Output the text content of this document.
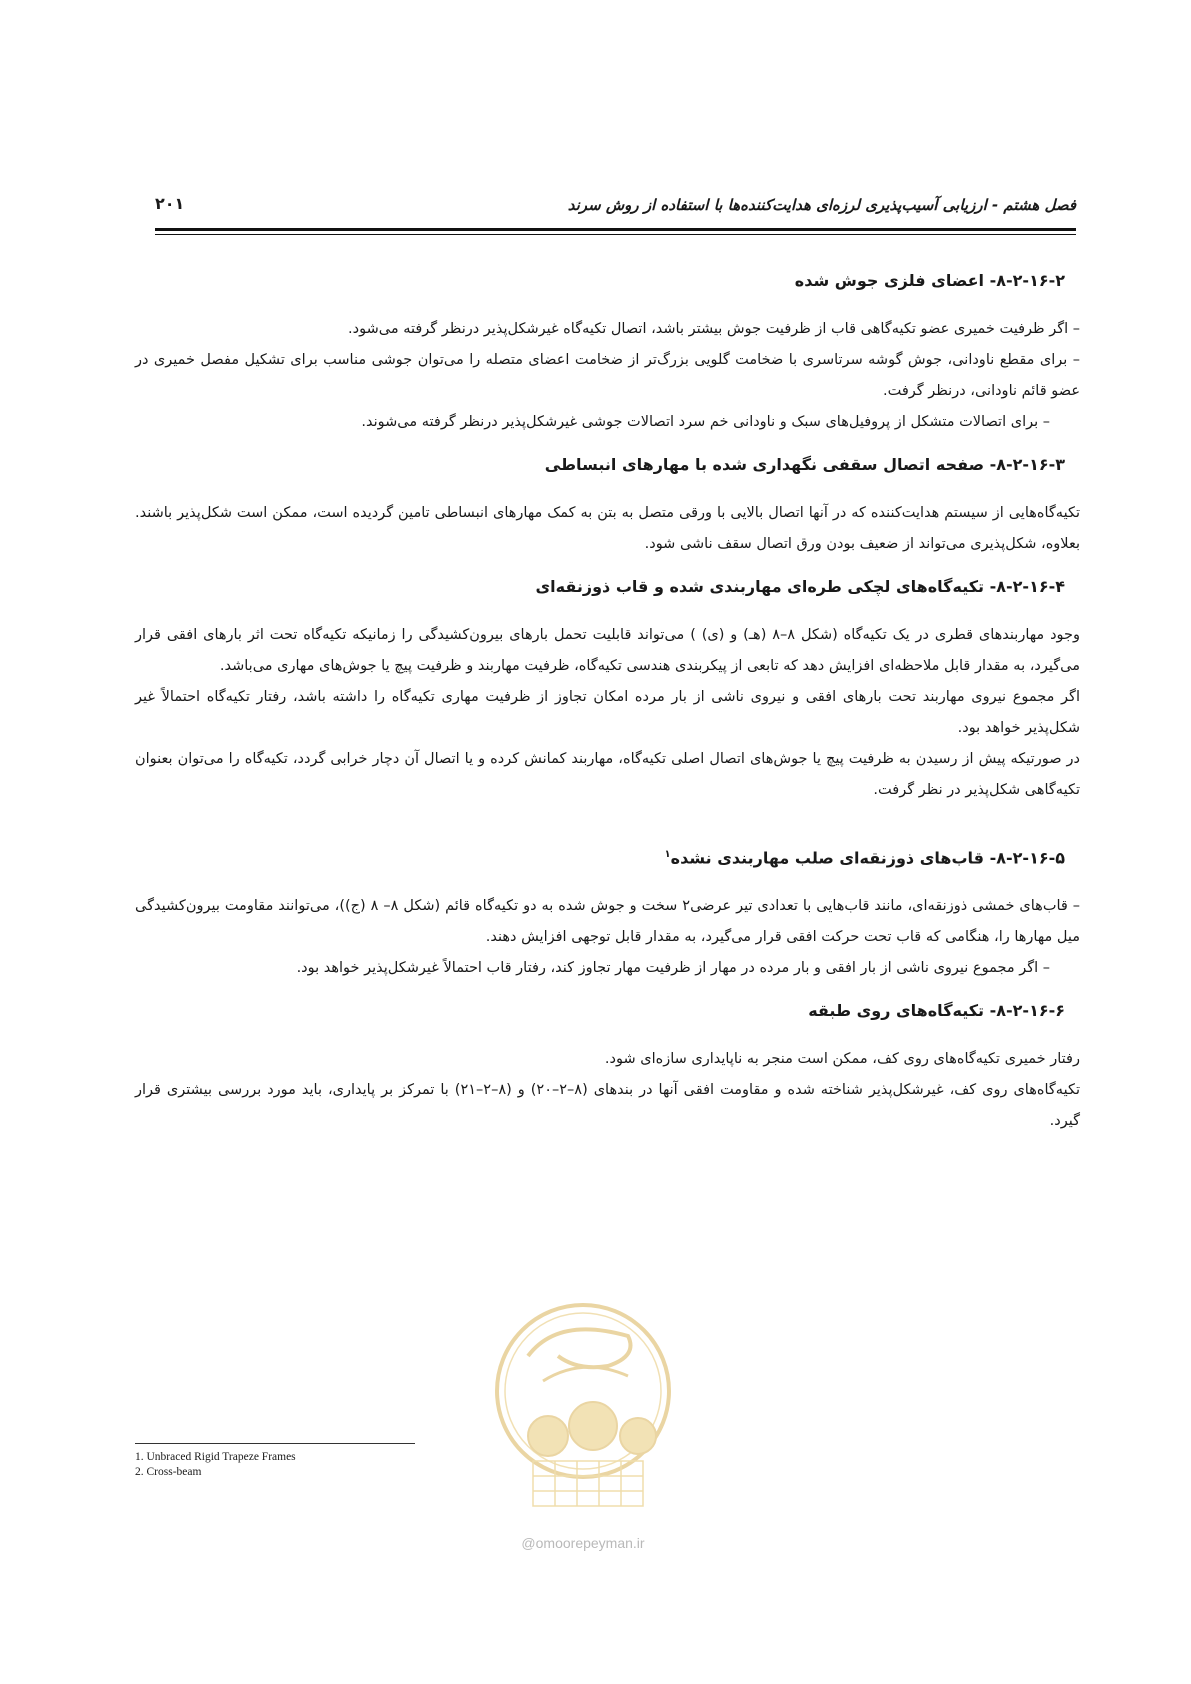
فصل هشتم - ارزیابی آسیب‌پذیری لرزه‌ای هدایت‌کننده‌ها با استفاده از روش سرند
۲۰۱
۸-۲-۱۶-۲- اعضای فلزی جوش شده

– اگر ظرفیت خمیری عضو تکیه‌گاهی قاب از ظرفیت جوش بیشتر باشد، اتصال تکیه‌گاه غیرشکل‌پذیر درنظر گرفته می‌شود.

– برای مقطع ناودانی، جوش گوشه سرتاسری با ضخامت گلویی بزرگ‌تر از ضخامت اعضای متصله را می‌توان جوشی مناسب برای تشکیل مفصل خمیری در عضو قائم ناودانی، درنظر گرفت.

– برای اتصالات متشکل از پروفیل‌های سبک و ناودانی خم سرد اتصالات جوشی غیرشکل‌پذیر درنظر گرفته می‌شوند.

۸-۲-۱۶-۳- صفحه اتصال سقفی نگهداری شده با مهارهای انبساطی

تکیه‌گاه‌هایی از سیستم هدایت‌کننده که در آنها اتصال بالایی با ورقی متصل به بتن به کمک مهارهای انبساطی تامین گردیده است، ممکن است شکل‌پذیر باشند. بعلاوه، شکل‌پذیری می‌تواند از ضعیف بودن ورق اتصال سقف ناشی شود.

۸-۲-۱۶-۴- تکیه‌گاه‌های لچکی طره‌ای مهاربندی شده و قاب ذوزنقه‌ای

وجود مهاربندهای قطری در یک تکیه‌گاه (شکل ۸–۸ (هـ) و (ی) ) می‌تواند قابلیت تحمل بارهای بیرون‌کشیدگی را زمانیکه تکیه‌گاه تحت اثر بارهای افقی قرار می‌گیرد، به مقدار قابل ملاحظه‌ای افزایش دهد که تابعی از پیکربندی هندسی تکیه‌گاه، ظرفیت مهاربند و ظرفیت پیچ یا جوش‌های مهاری می‌باشد.

اگر مجموع نیروی مهاربند تحت بارهای افقی و نیروی ناشی از بار مرده امکان تجاوز از ظرفیت مهاری تکیه‌گاه را داشته باشد، رفتار تکیه‌گاه احتمالاً غیر شکل‌پذیر خواهد بود.

در صورتیکه پیش از رسیدن به ظرفیت پیچ یا جوش‌های اتصال اصلی تکیه‌گاه، مهاربند کمانش کرده و یا اتصال آن دچار خرابی گردد، تکیه‌گاه را می‌توان بعنوان تکیه‌گاهی شکل‌پذیر در نظر گرفت.

۸-۲-۱۶-۵- قاب‌های ذوزنقه‌ای صلب مهاربندی نشده$^۱$

– قاب‌های خمشی ذوزنقه‌ای، مانند قاب‌هایی با تعدادی تیر عرضی۲ سخت و جوش شده به دو تکیه‌گاه قائم (شکل ۸– ۸ (ج))، می‌توانند مقاومت بیرون‌کشیدگی میل مهارها را، هنگامی که قاب تحت حرکت افقی قرار می‌گیرد، به مقدار قابل توجهی افزایش دهند.

– اگر مجموع نیروی ناشی از بار افقی و بار مرده در مهار از ظرفیت مهار تجاوز کند، رفتار قاب احتمالاً غیرشکل‌پذیر خواهد بود.

۸-۲-۱۶-۶- تکیه‌گاه‌های روی طبقه

رفتار خمیری تکیه‌گاه‌های روی کف، ممکن است منجر به ناپایداری سازه‌ای شود.

تکیه‌گاه‌های روی کف، غیرشکل‌پذیر شناخته شده و مقاومت افقی آنها در بندهای (۸–۲–۲۰) و (۸–۲–۲۱) با تمرکز بر پایداری، باید مورد بررسی بیشتری قرار گیرد.

@omoorepeyman.ir
1. Unbraced Rigid Trapeze Frames
2. Cross-beam
